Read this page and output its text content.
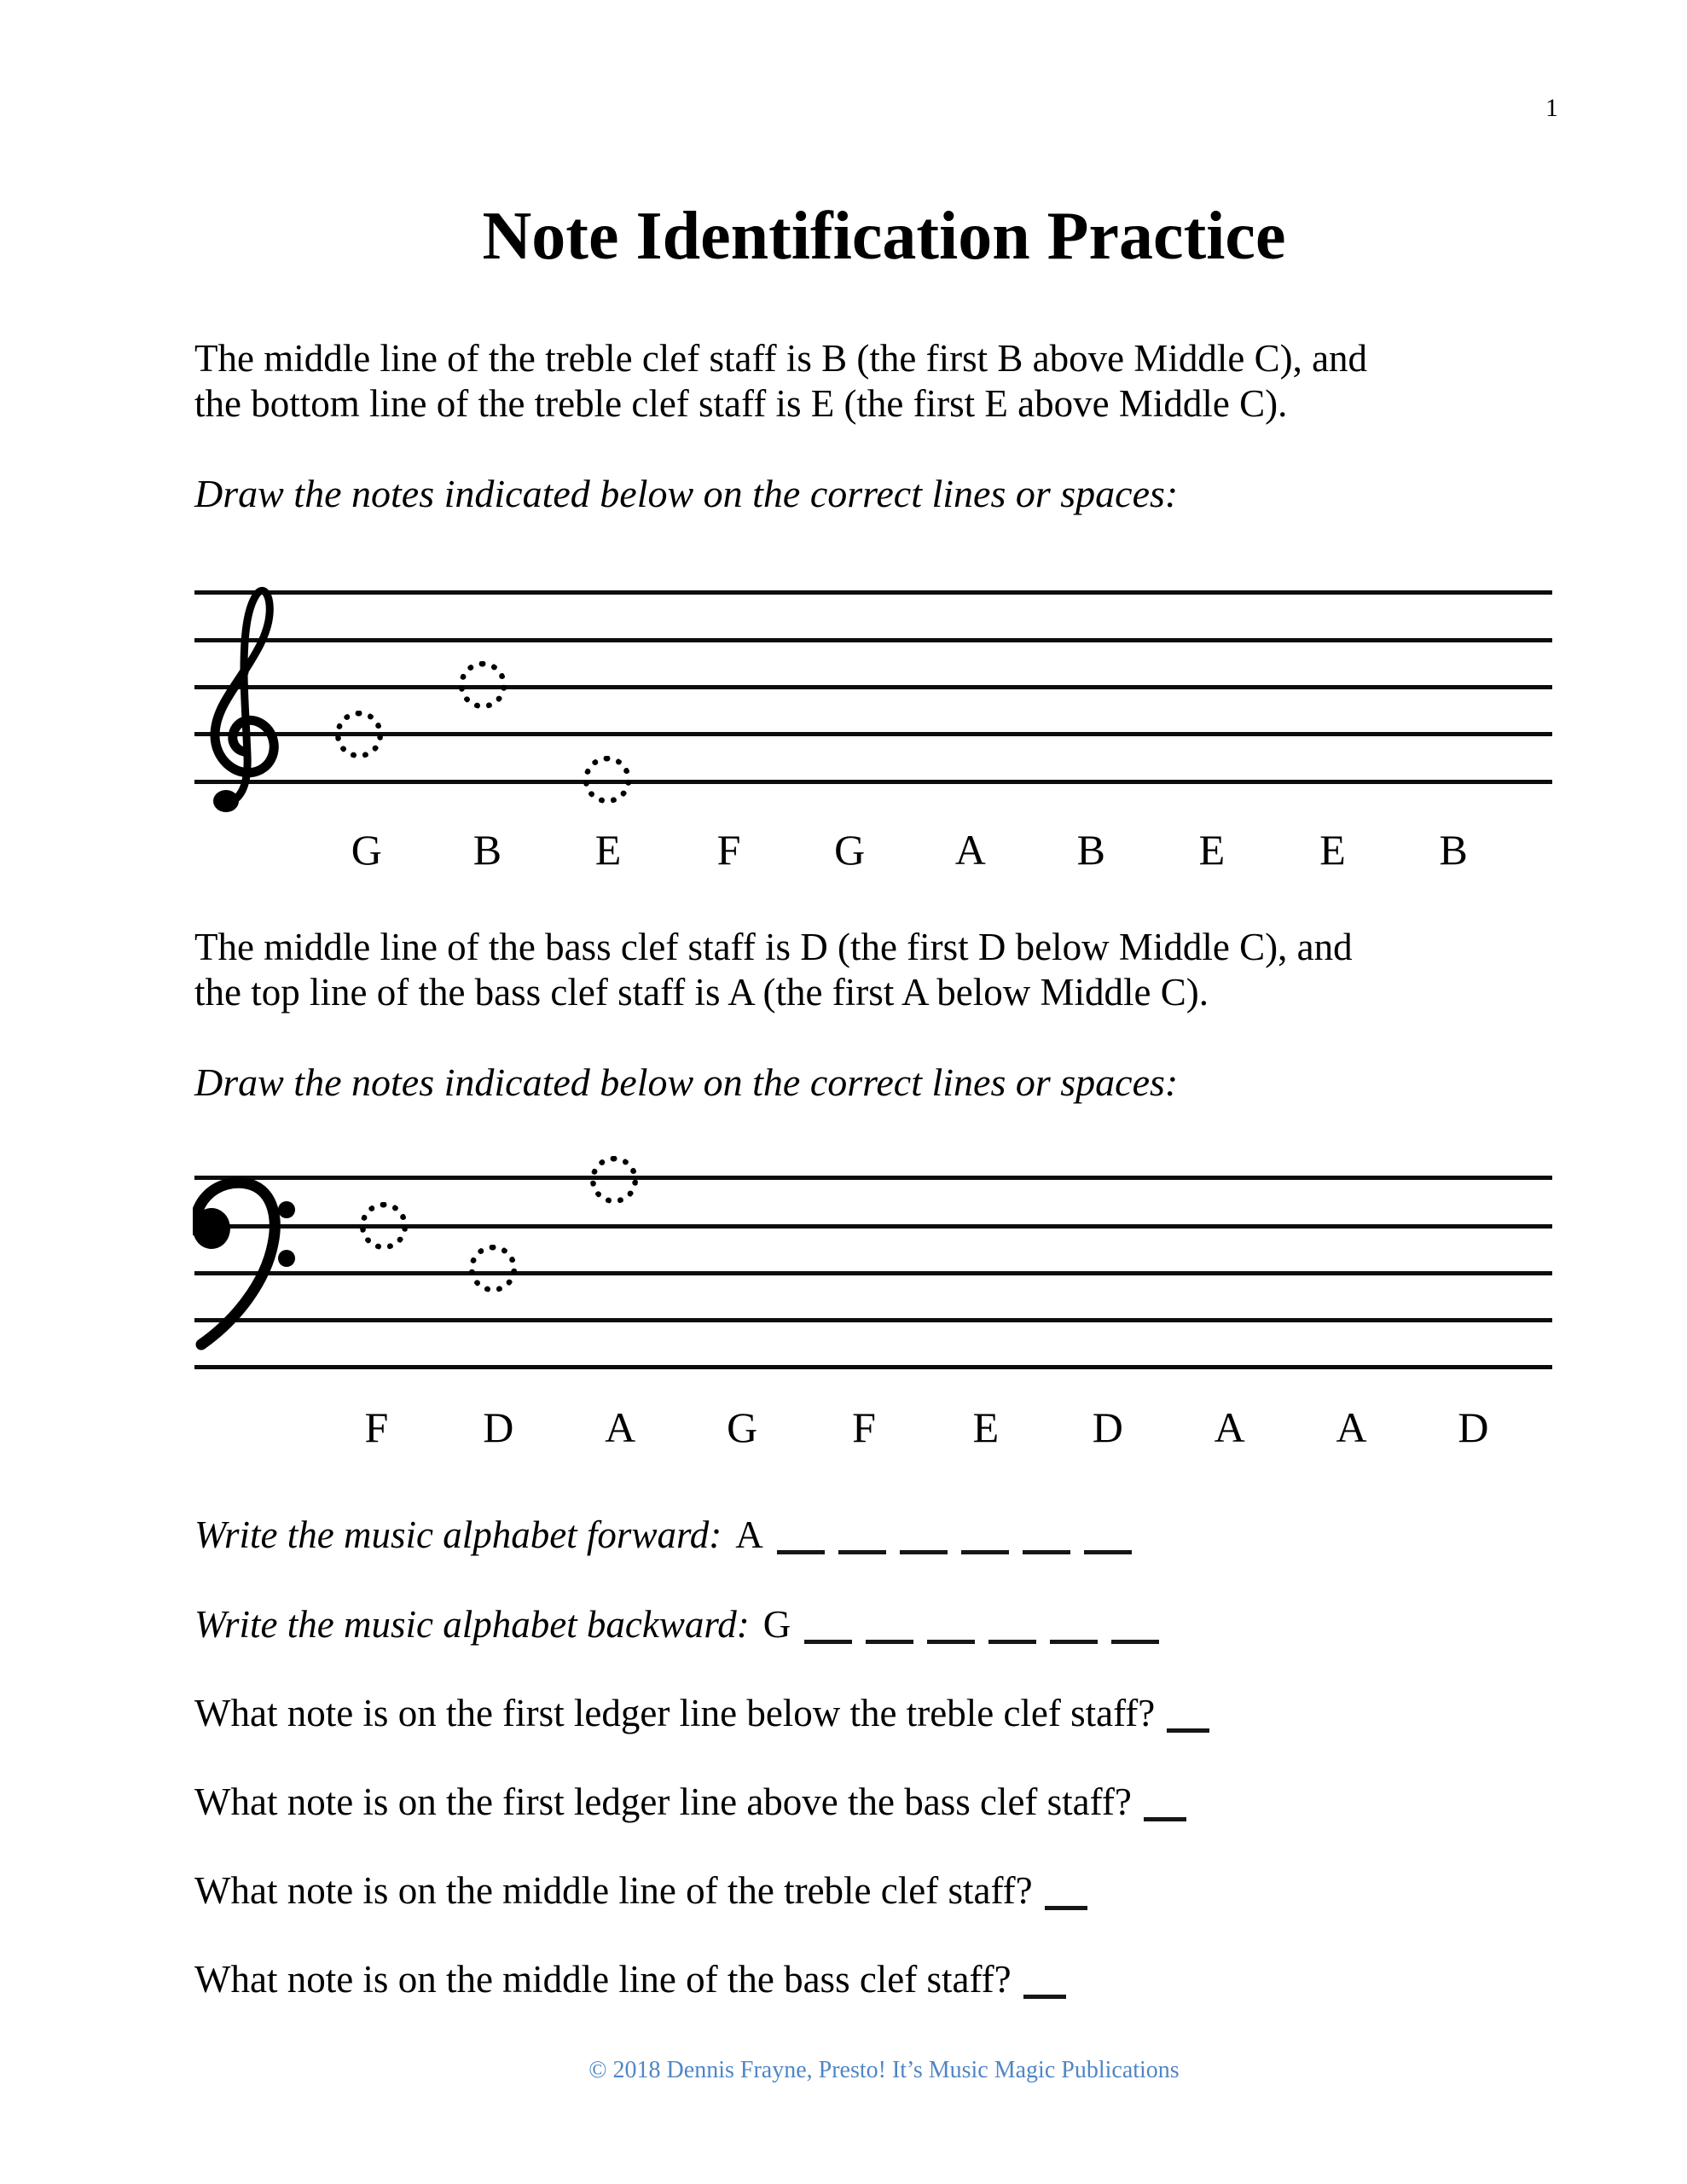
1
Note Identification Practice
The middle line of the treble clef staff is B (the first B above Middle C), and
the bottom line of the treble clef staff is E (the first E above Middle C).
Draw the notes indicated below on the correct lines or spaces:
G	B	E	F	G	A	B	E	E	B
The middle line of the bass clef staff is D (the first D below Middle C), and
the top line of the bass clef staff is A (the first A below Middle C).
Draw the notes indicated below on the correct lines or spaces:
F	D	A	G	F	E	D	A	A	D
Write the music alphabet forward: A
Write the music alphabet backward: G
What note is on the first ledger line below the treble clef staff?
What note is on the first ledger line above the bass clef staff?
What note is on the middle line of the treble clef staff?
What note is on the middle line of the bass clef staff?
© 2018 Dennis Frayne, Presto! It’s Music Magic Publications
